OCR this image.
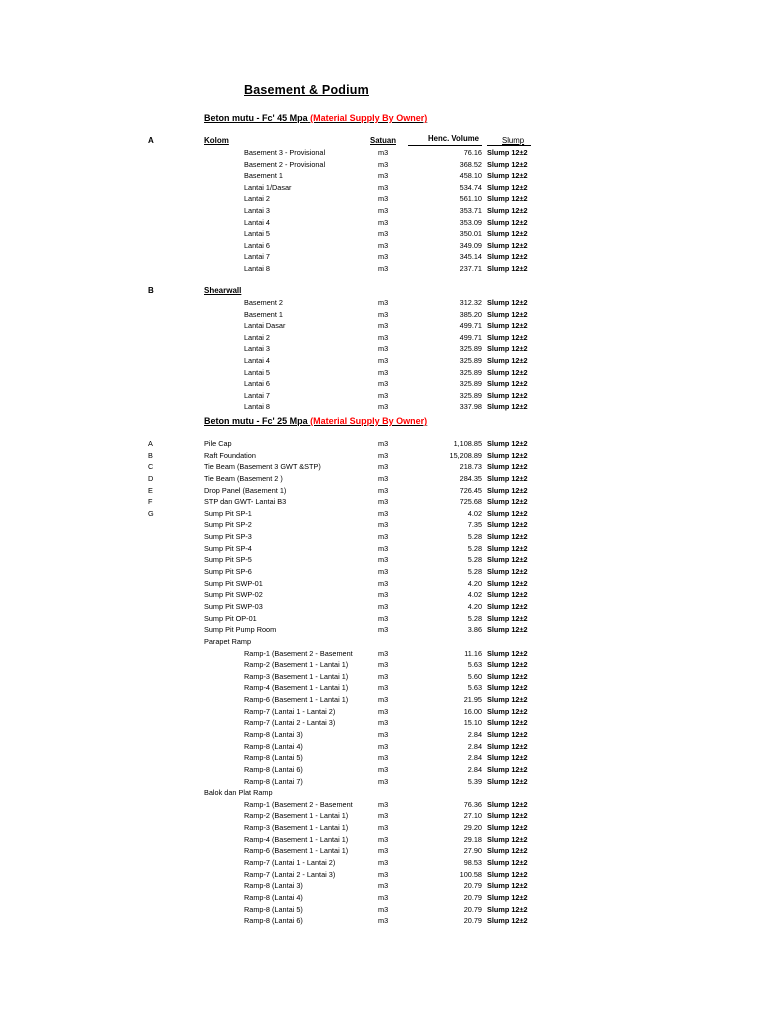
Basement & Podium
Beton mutu - Fc' 45 Mpa (Material Supply By Owner)
Satuan	Henc. Volume	Slump
A	Kolom
Basement 3 - Provisional	m3	76.16 Slump 12±2
Basement 2 - Provisional	m3	368.52 Slump 12±2
Basement 1	m3	458.10 Slump 12±2
Lantai 1/Dasar	m3	534.74 Slump 12±2
Lantai 2	m3	561.10 Slump 12±2
Lantai 3	m3	353.71 Slump 12±2
Lantai 4	m3	353.09 Slump 12±2
Lantai 5	m3	350.01 Slump 12±2
Lantai 6	m3	349.09 Slump 12±2
Lantai 7	m3	345.14 Slump 12±2
Lantai 8	m3	237.71 Slump 12±2
B	Shearwall
Basement 2	m3	312.32 Slump 12±2
Basement 1	m3	385.20 Slump 12±2
Lantai Dasar	m3	499.71 Slump 12±2
Lantai 2	m3	499.71 Slump 12±2
Lantai 3	m3	325.89 Slump 12±2
Lantai 4	m3	325.89 Slump 12±2
Lantai 5	m3	325.89 Slump 12±2
Lantai 6	m3	325.89 Slump 12±2
Lantai 7	m3	325.89 Slump 12±2
Lantai 8	m3	337.98 Slump 12±2
Beton mutu - Fc' 25 Mpa (Material Supply By Owner)
A	Pile Cap	m3	1,108.85 Slump 12±2
B	Raft Foundation	m3	15,208.89 Slump 12±2
C	Tie Beam (Basement 3 GWT &STP)	m3	218.73 Slump 12±2
D	Tie Beam (Basement 2 )	m3	284.35 Slump 12±2
E	Drop Panel (Basement 1)	m3	726.45 Slump 12±2
F	STP dan GWT- Lantai B3	m3	725.68 Slump 12±2
G	Sump Pit SP-1	m3	4.02 Slump 12±2
Sump Pit SP-2	m3	7.35 Slump 12±2
Sump Pit SP-3	m3	5.28 Slump 12±2
Sump Pit SP-4	m3	5.28 Slump 12±2
Sump Pit SP-5	m3	5.28 Slump 12±2
Sump Pit SP-6	m3	5.28 Slump 12±2
Sump Pit SWP-01	m3	4.20 Slump 12±2
Sump Pit SWP-02	m3	4.02 Slump 12±2
Sump Pit SWP-03	m3	4.20 Slump 12±2
Sump Pit OP-01	m3	5.28 Slump 12±2
Sump Pit Pump Room	m3	3.86 Slump 12±2
Parapet Ramp
Ramp-1 (Basement 2 - Basement	m3	11.16 Slump 12±2
Ramp-2 (Basement 1 - Lantai 1)	m3	5.63 Slump 12±2
Ramp-3 (Basement 1 - Lantai 1)	m3	5.60 Slump 12±2
Ramp-4 (Basement 1 - Lantai 1)	m3	5.63 Slump 12±2
Ramp-6 (Basement 1 - Lantai 1)	m3	21.95 Slump 12±2
Ramp-7 (Lantai 1 - Lantai 2)	m3	16.00 Slump 12±2
Ramp-7 (Lantai 2 - Lantai 3)	m3	15.10 Slump 12±2
Ramp-8 (Lantai 3)	m3	2.84 Slump 12±2
Ramp-8 (Lantai 4)	m3	2.84 Slump 12±2
Ramp-8 (Lantai 5)	m3	2.84 Slump 12±2
Ramp-8 (Lantai 6)	m3	2.84 Slump 12±2
Ramp-8 (Lantai 7)	m3	5.39 Slump 12±2
Balok dan Plat Ramp
Ramp-1 (Basement 2 - Basement	m3	76.36 Slump 12±2
Ramp-2 (Basement 1 - Lantai 1)	m3	27.10 Slump 12±2
Ramp-3 (Basement 1 - Lantai 1)	m3	29.20 Slump 12±2
Ramp-4 (Basement 1 - Lantai 1)	m3	29.18 Slump 12±2
Ramp-6 (Basement 1 - Lantai 1)	m3	27.90 Slump 12±2
Ramp-7 (Lantai 1 - Lantai 2)	m3	98.53 Slump 12±2
Ramp-7 (Lantai 2 - Lantai 3)	m3	100.58 Slump 12±2
Ramp-8 (Lantai 3)	m3	20.79 Slump 12±2
Ramp-8 (Lantai 4)	m3	20.79 Slump 12±2
Ramp-8 (Lantai 5)	m3	20.79 Slump 12±2
Ramp-8 (Lantai 6)	m3	20.79 Slump 12±2
